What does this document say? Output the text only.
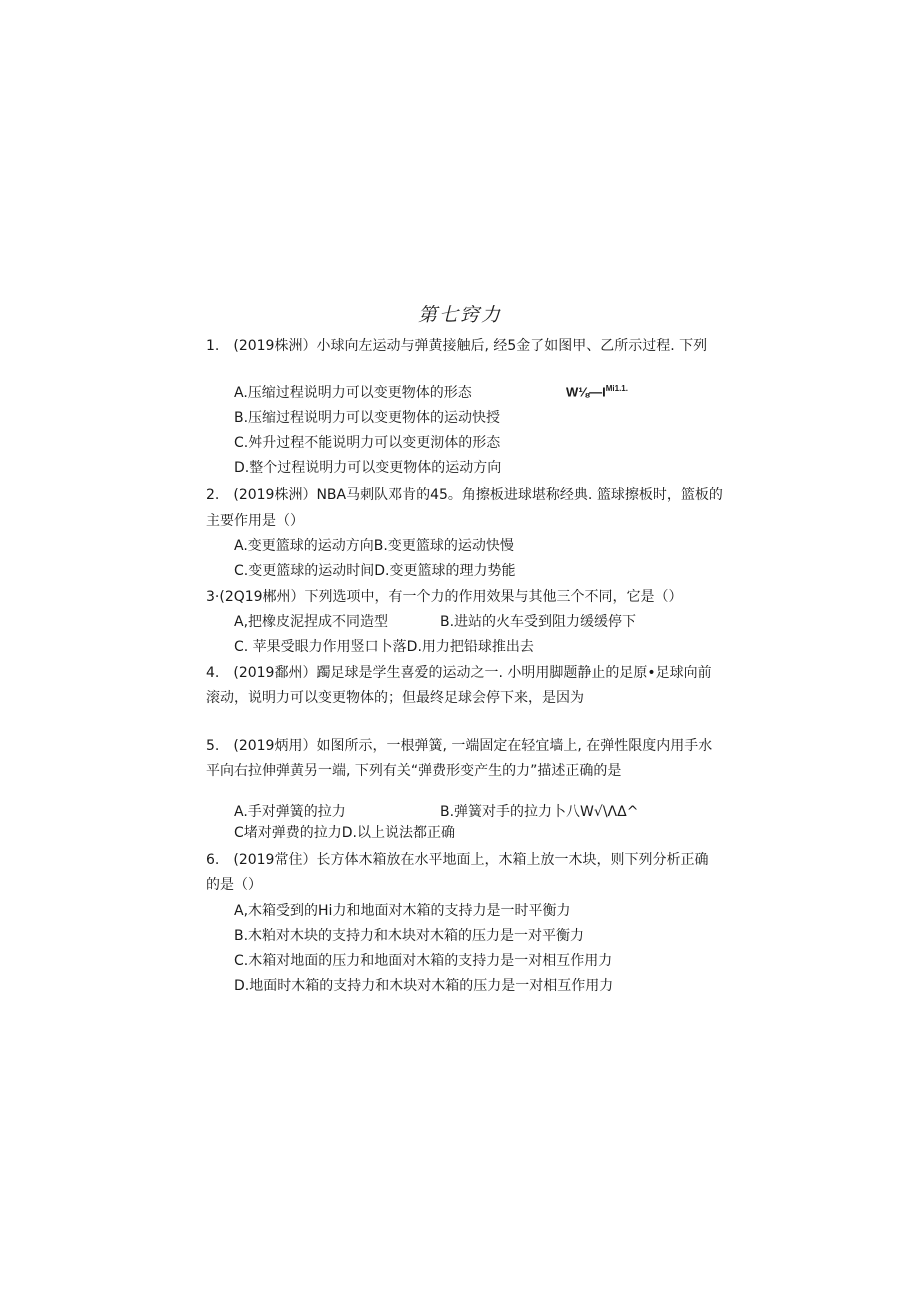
第七窍力
1.　(2019株洲）小球向左运动与弹黄接触后, 经5金了如图甲、乙所示过程. 下列
$W\frac{1}{8}—I^{Mi1.1.}$
A.压缩过程说明力可以变更物体的形态
B.压缩过程说明力可以变更物体的运动快授
C.舛升过程不能说明力可以变更沏体的形态
D.整个过程说明力可以变更物体的运动方向
2.　(2019株洲）NBA马刺队邓肯的45。角擦板进球堪称经典. 篮球擦板时，篮板的
主要作用是（）
A.变更篮球的运动方向B.变更篮球的运动快慢
C.变更篮球的运动时间D.变更篮球的理力势能
3·(2Q19郴州）下列选项中，有一个力的作用效果与其他三个不同，它是（）
A,把橡皮泥捏成不同造型	B.进站的火车受到阻力缓缓停下
C. 苹果受眼力作用竖口卜落D.用力把铅球推出去
4.　(2019鄱州）躅足球是学生喜爱的运动之一. 小明用脚题静止的足原•足球向前
滚动，说明力可以变更物体的；但最终足球会停下来，是因为
5.　(2019炳用）如图所示，一根弹簧, 一端固定在轻宜墙上, 在弹性限度内用手水
平向右拉伸弹黄另一端, 下列有关“弹费形变产生的力”描述正确的是
A.手对弹簧的拉力	B.弹簧对手的拉力卜八W√\ΛΔ^
C堵对弹费的拉力D.以上说法都正确
6.　(2019常住）长方体木箱放在水平地面上，木箱上放一木块，则下列分析正确
的是（）
A,木箱受到的Hi力和地面对木箱的支持力是一时平衡力
B.木粕对木块的支持力和木块对木箱的压力是一对平衡力
C.木箱对地面的压力和地面对木箱的支持力是一对相互作用力
D.地面时木箱的支持力和木块对木箱的压力是一对相互作用力
